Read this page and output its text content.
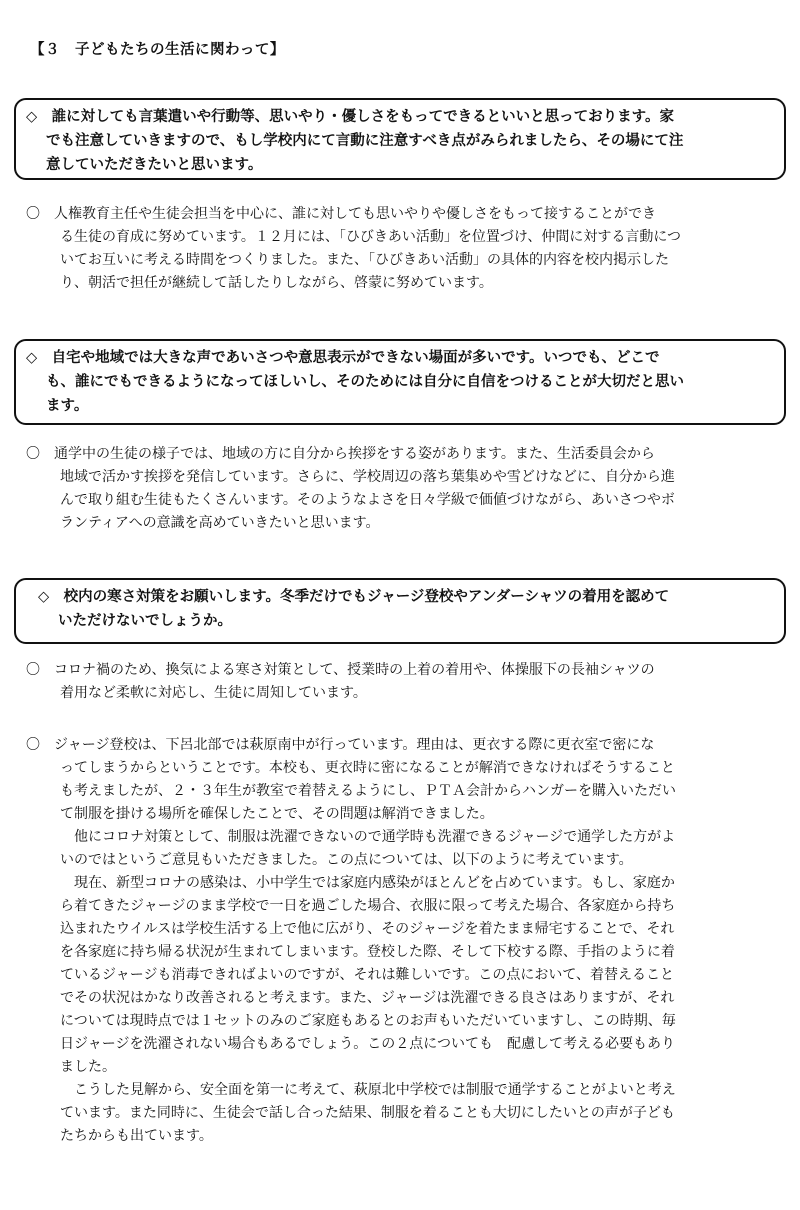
【３　子どもたちの生活に関わって】
◇　誰に対しても言葉遣いや行動等、思いやり・優しさをもってできるといいと思っております。家
でも注意していきますので、もし学校内にて言動に注意すべき点がみられましたら、その場にて注
意していただきたいと思います。
〇　人権教育主任や生徒会担当を中心に、誰に対しても思いやりや優しさをもって接することができ
る生徒の育成に努めています。１２月には、「ひびきあい活動」を位置づけ、仲間に対する言動につ
いてお互いに考える時間をつくりました。また、「ひびきあい活動」の具体的内容を校内掲示した
り、朝活で担任が継続して話したりしながら、啓蒙に努めています。
◇　自宅や地域では大きな声であいさつや意思表示ができない場面が多いです。いつでも、どこで
も、誰にでもできるようになってほしいし、そのためには自分に自信をつけることが大切だと思い
ます。
〇　通学中の生徒の様子では、地域の方に自分から挨拶をする姿があります。また、生活委員会から
地域で活かす挨拶を発信しています。さらに、学校周辺の落ち葉集めや雪どけなどに、自分から進
んで取り組む生徒もたくさんいます。そのようなよさを日々学級で価値づけながら、あいさつやボ
ランティアへの意識を高めていきたいと思います。
◇　校内の寒さ対策をお願いします。冬季だけでもジャージ登校やアンダーシャツの着用を認めて
いただけないでしょうか。
〇　コロナ禍のため、換気による寒さ対策として、授業時の上着の着用や、体操服下の長袖シャツの
着用など柔軟に対応し、生徒に周知しています。
〇　ジャージ登校は、下呂北部では萩原南中が行っています。理由は、更衣する際に更衣室で密にな
ってしまうからということです。本校も、更衣時に密になることが解消できなければそうすること
も考えましたが、２・３年生が教室で着替えるようにし、ＰＴＡ会計からハンガーを購入いただい
て制服を掛ける場所を確保したことで、その問題は解消できました。
　他にコロナ対策として、制服は洗濯できないので通学時も洗濯できるジャージで通学した方がよ
いのではというご意見もいただきました。この点については、以下のように考えています。
　現在、新型コロナの感染は、小中学生では家庭内感染がほとんどを占めています。もし、家庭か
ら着てきたジャージのまま学校で一日を過ごした場合、衣服に限って考えた場合、各家庭から持ち
込まれたウイルスは学校生活する上で他に広がり、そのジャージを着たまま帰宅することで、それ
を各家庭に持ち帰る状況が生まれてしまいます。登校した際、そして下校する際、手指のように着
ているジャージも消毒できればよいのですが、それは難しいです。この点において、着替えること
でその状況はかなり改善されると考えます。また、ジャージは洗濯できる良さはありますが、それ
については現時点では１セットのみのご家庭もあるとのお声もいただいていますし、この時期、毎
日ジャージを洗濯されない場合もあるでしょう。この２点についても　配慮して考える必要もあり
ました。
　こうした見解から、安全面を第一に考えて、萩原北中学校では制服で通学することがよいと考え
ています。また同時に、生徒会で話し合った結果、制服を着ることも大切にしたいとの声が子ども
たちからも出ています。
